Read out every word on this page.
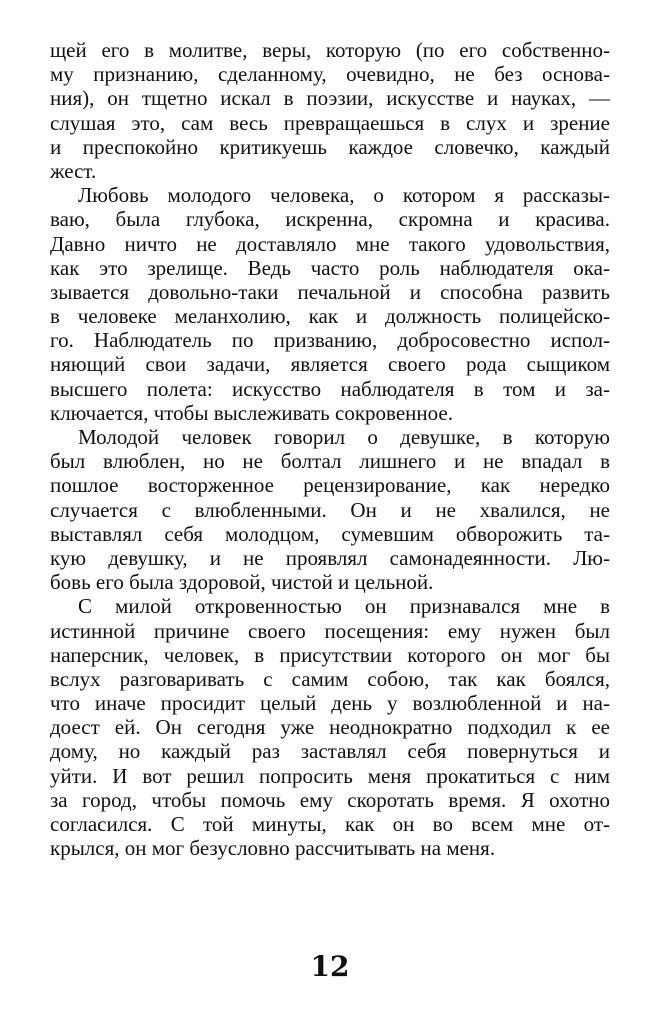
щей его в молитве, веры, которую (по его собственно-
му признанию, сделанному, очевидно, не без основа-
ния), он тщетно искал в поэзии, искусстве и науках, —
слушая это, сам весь превращаешься в слух и зрение
и преспокойно критикуешь каждое словечко, каждый
жест.
Любовь молодого человека, о котором я рассказы-
ваю, была глубока, искренна, скромна и красива.
Давно ничто не доставляло мне такого удовольствия,
как это зрелище. Ведь часто роль наблюдателя ока-
зывается довольно-таки печальной и способна развить
в человеке меланхолию, как и должность полицейско-
го. Наблюдатель по призванию, добросовестно испол-
няющий свои задачи, является своего рода сыщиком
высшего полета: искусство наблюдателя в том и за-
ключается, чтобы выслеживать сокровенное.
Молодой человек говорил о девушке, в которую
был влюблен, но не болтал лишнего и не впадал в
пошлое восторженное рецензирование, как нередко
случается с влюбленными. Он и не хвалился, не
выставлял себя молодцом, сумевшим обворожить та-
кую девушку, и не проявлял самонадеянности. Лю-
бовь его была здоровой, чистой и цельной.
С милой откровенностью он признавался мне в
истинной причине своего посещения: ему нужен был
наперсник, человек, в присутствии которого он мог бы
вслух разговаривать с самим собою, так как боялся,
что иначе просидит целый день у возлюбленной и на-
доест ей. Он сегодня уже неоднократно подходил к ее
дому, но каждый раз заставлял себя повернуться и
уйти. И вот решил попросить меня прокатиться с ним
за город, чтобы помочь ему скоротать время. Я охотно
согласился. С той минуты, как он во всем мне от-
крылся, он мог безусловно рассчитывать на меня.
12
